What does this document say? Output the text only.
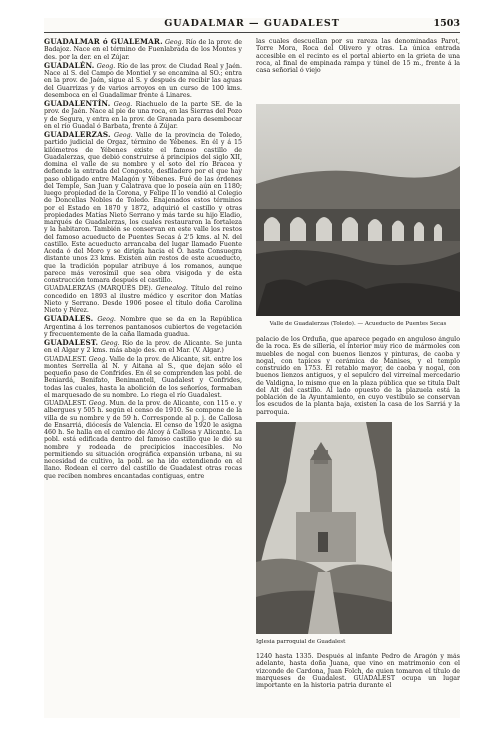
GUADALMAR — GUADALEST	1503

GUADALMAR ó GUALEMAR. Geog. Río de la prov. de Badajoz. Nace en el término de Fuenlabrada de los Montes y des. por la der. en el Zújar.

GUADALÉN. Geog. Río de las prov. de Ciudad Real y Jaén. Nace al S. del Campo de Montiel y se encamina al SO.; entra en la prov. de Jaén, sigue al S. y después de recibir las aguas del Guarrizas y de varios arroyos en un curso de 100 kms. desemboca en el Guadalimar frente á Linares.

GUADALENTÍN. Geog. Riachuelo de la parte SE. de la prov. de Jaén. Nace al pie de una roca, en las Sierras del Pozo y de Segura, y entra en la prov. de Granada para desembocar en el río Guadal ó Barbata, frente á Zújar.

GUADALERZAS. Geog. Valle de la provincia de Toledo, partido judicial de Orgaz, término de Yébenes. En él y á 15 kilómetros de Yébenes existe el famoso castillo de Guadalerzas, que debió construirse á principios del siglo XII, domina el valle de su nombre y el soto del río Bracea y defiende la entrada del Congosto, desfiladero por el que hay paso obligado entre Malagón y Yébenes. Fué de las órdenes del Temple, San Juan y Calatrava que lo poseía aún en 1180; luego propiedad de la Corona, y Felipe II lo vendió al Colegio de Doncellas Nobles de Toledo. Enajenados estos términos por el Estado en 1870 y 1872, adquirió el castillo y otras propiedades Matías Nieto Serrano y más tarde su hijo Eladio, marqués de Guadalerzas, los cuales restauraron la fortaleza y la habitaron. También se conservan en este valle los restos del famoso acueducto de Puentes Secas á 2'5 kms. al N. del castillo. Este acueducto arrancaba del lugar llamado Fuente Aceda ó del Moro y se dirigía hacia el O. hasta Consuegra distante unos 23 kms. Existen aún restos de este acueducto, que la tradición popular atribuye á los romanos, aunque parece más verosímil que sea obra visigoda y de esta construcción tomara después el castillo.

GUADALERZAS (MARQUÉS DE). Genealog. Título del reino concedido en 1893 al ilustre médico y escritor don Matías Nieto y Serrano. Desde 1906 posee el título doña Carolina Nieto y Pérez.

GUADALES. Geog. Nombre que se da en la República Argentina á los terrenos pantanosos cubiertos de vegetación y frecuentemente de la caña llamada guadua.

GUADALEST. Geog. Río de la prov. de Alicante. Se junta en el Algar y 2 kms. más abajo des. en el Mar. (V. Algar.)

GUADALEST. Geog. Valle de la prov. de Alicante, sit. entre los montes Serrella al N. y Aitana al S., que dejan sólo el pequeño paso de Confrides. En él se comprenden las pobl. de Beniardá, Benifato, Benimantell, Guadalest y Confrides, todas las cuales, hasta la abolición de los señoríos, formaban el marquesado de su nombre. Lo riega el río Guadalest.

GUADALEST. Geog. Mun. de la prov. de Alicante, con 115 e. y albergues y 505 h. según el censo de 1910. Se compone de la villa de su nombre y de 59 h. Corresponde al p. j. de Callosa de Ensarriá, diócesis de Valencia. El censo de 1920 le asigna 460 h. Se halla en el camino de Alcoy á Callosa y Alicante. La pobl. está edificada dentro del famoso castillo que le dió su nombre y rodeada de precipicios inaccesibles. No permitiendo su situación orográfica expansión urbana, ni su necesidad de cultivo, la pobl. se ha ido extendiendo en el llano. Rodean el cerro del castillo de Guadalest otras rocas que reciben nombres encantadas contiguas, entre

las cuales descuellan por su rareza las denominadas Parot, Torre Mora, Roca del Olivero y otras. La única entrada accesible en el recinto es el portal abierto en la grieta de una roca, al final de empinada rampa y túnel de 15 m., frente á la casa señorial ó viejo

Valle de Guadalerzas (Toledo). — Acueducto de Puentes Secas

palacio de los Orduña, que aparece pegado en anguloso ángulo de la roca. Es de sillería, el interior muy rico de mármoles con muebles de nogal con buenos lienzos y pinturas, de caoba y nogal, con tapices y cerámica de Manises, y el templo construido en 1753. El retablo mayor, de caoba y nogal, con buenos lienzos antiguos, y el sepulcro del virreinal mercedario de Valdigna, lo mismo que en la plaza pública que se titula Dalt del Alt del castillo. Al lado opuesto de la plazuela está la población de la Ayuntamiento, en cuyo vestíbulo se conservan los escudos de la planta baja, existen la casa de los Sarriá y la parroquia.

Iglesia parroquial de Guadalest

1240 hasta 1335. Después al infante Pedro de Aragón y más adelante, hasta doña Juana, que vino en matrimonio con el vizconde de Cardona, Juan Folch, de quien tomaron el título de marqueses de Guadalest. GUADALEST ocupa un lugar importante en la historia patria durante el
